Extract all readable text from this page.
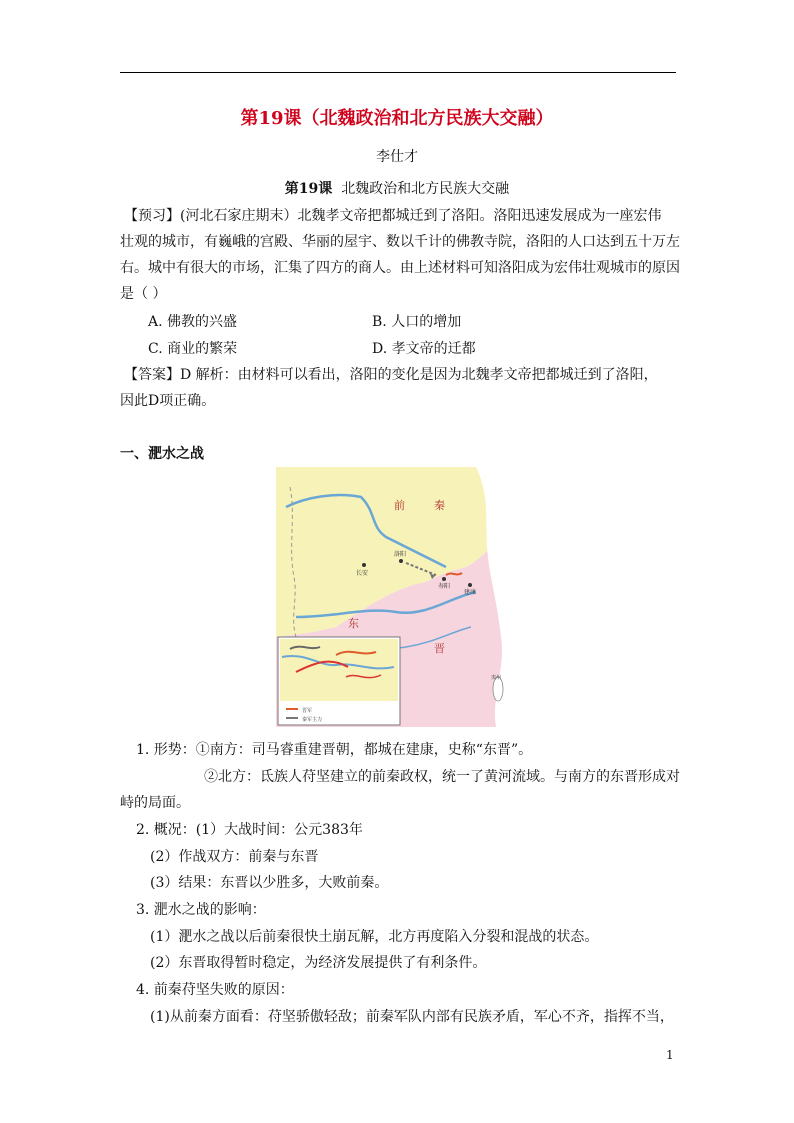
第19课（北魏政治和北方民族大交融）
李仕才
第19课 北魏政治和北方民族大交融
【预习】(河北石家庄期末）北魏孝文帝把都城迁到了洛阳。洛阳迅速发展成为一座宏伟
壮观的城市，有巍峨的宫殿、华丽的屋宇、数以千计的佛教寺院，洛阳的人口达到五十万左
右。城中有很大的市场，汇集了四方的商人。由上述材料可知洛阳成为宏伟壮观城市的原因
是（ ）
A. 佛教的兴盛	B. 人口的增加
C. 商业的繁荣	D. 孝文帝的迁都
【答案】D 解析：由材料可以看出，洛阳的变化是因为北魏孝文帝把都城迁到了洛阳，
因此D项正确。
一、淝水之战
前	秦
东
晋
洛阳
长安
寿阳
建康
夷州
晋军
秦军主力
1. 形势：①南方：司马睿重建晋朝，都城在建康，史称“东晋”。
②北方：氐族人苻坚建立的前秦政权，统一了黄河流域。与南方的东晋形成对
峙的局面。
2. 概况：(1）大战时间：公元383年
(2）作战双方：前秦与东晋
(3）结果：东晋以少胜多，大败前秦。
3. 淝水之战的影响：
(1）淝水之战以后前秦很快土崩瓦解，北方再度陷入分裂和混战的状态。
(2）东晋取得暂时稳定，为经济发展提供了有利条件。
4. 前秦苻坚失败的原因：
(1)从前秦方面看：苻坚骄傲轻敌；前秦军队内部有民族矛盾，军心不齐，指挥不当，
1
